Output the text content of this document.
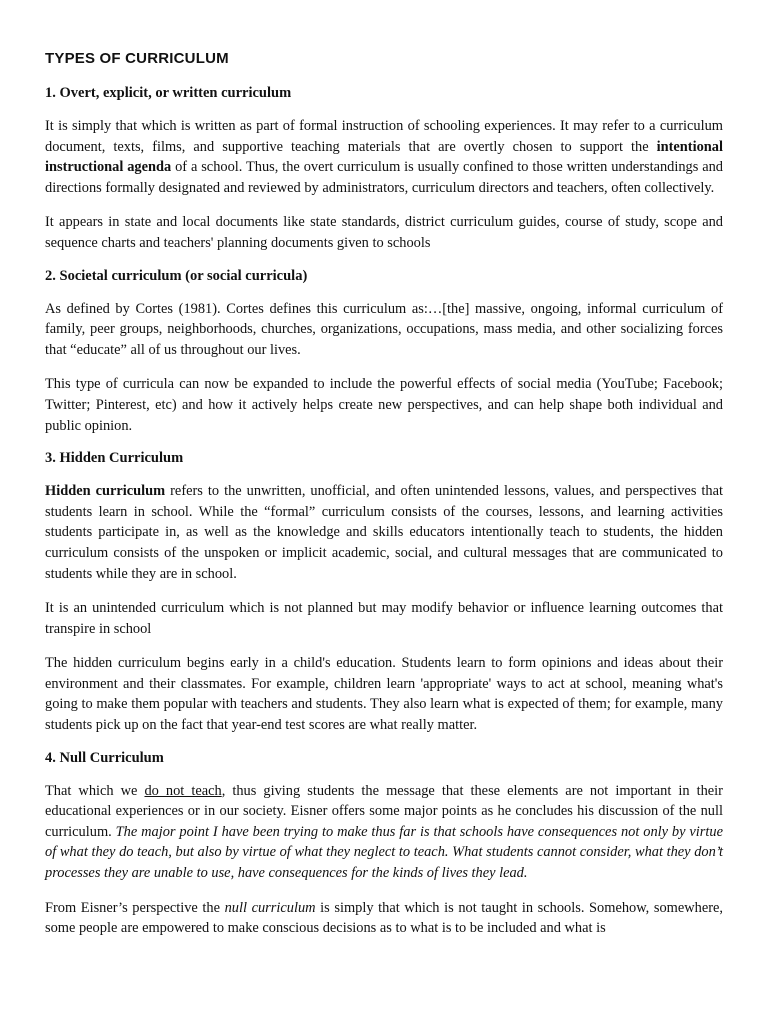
TYPES OF CURRICULUM
1. Overt, explicit, or written curriculum

It is simply that which is written as part of formal instruction of schooling experiences. It may refer to a curriculum document, texts, films, and supportive teaching materials that are overtly chosen to support the intentional instructional agenda of a school. Thus, the overt curriculum is usually confined to those written understandings and directions formally designated and reviewed by administrators, curriculum directors and teachers, often collectively.

It appears in state and local documents like state standards, district curriculum guides, course of study, scope and sequence charts and teachers' planning documents given to schools

2. Societal curriculum (or social curricula)

As defined by Cortes (1981). Cortes defines this curriculum as:…[the] massive, ongoing, informal curriculum of family, peer groups, neighborhoods, churches, organizations, occupations, mass media, and other socializing forces that “educate” all of us throughout our lives.

This type of curricula can now be expanded to include the powerful effects of social media (YouTube; Facebook; Twitter; Pinterest, etc) and how it actively helps create new perspectives, and can help shape both individual and public opinion.

3. Hidden Curriculum

Hidden curriculum refers to the unwritten, unofficial, and often unintended lessons, values, and perspectives that students learn in school. While the “formal” curriculum consists of the courses, lessons, and learning activities students participate in, as well as the knowledge and skills educators intentionally teach to students, the hidden curriculum consists of the unspoken or implicit academic, social, and cultural messages that are communicated to students while they are in school.

It is an unintended curriculum which is not planned but may modify behavior or influence learning outcomes that transpire in school

The hidden curriculum begins early in a child's education. Students learn to form opinions and ideas about their environment and their classmates. For example, children learn 'appropriate' ways to act at school, meaning what's going to make them popular with teachers and students. They also learn what is expected of them; for example, many students pick up on the fact that year-end test scores are what really matter.

4. Null Curriculum

That which we do not teach, thus giving students the message that these elements are not important in their educational experiences or in our society. Eisner offers some major points as he concludes his discussion of the null curriculum. The major point I have been trying to make thus far is that schools have consequences not only by virtue of what they do teach, but also by virtue of what they neglect to teach. What students cannot consider, what they don’t processes they are unable to use, have consequences for the kinds of lives they lead.

From Eisner’s perspective the null curriculum is simply that which is not taught in schools. Somehow, somewhere, some people are empowered to make conscious decisions as to what is to be included and what is
